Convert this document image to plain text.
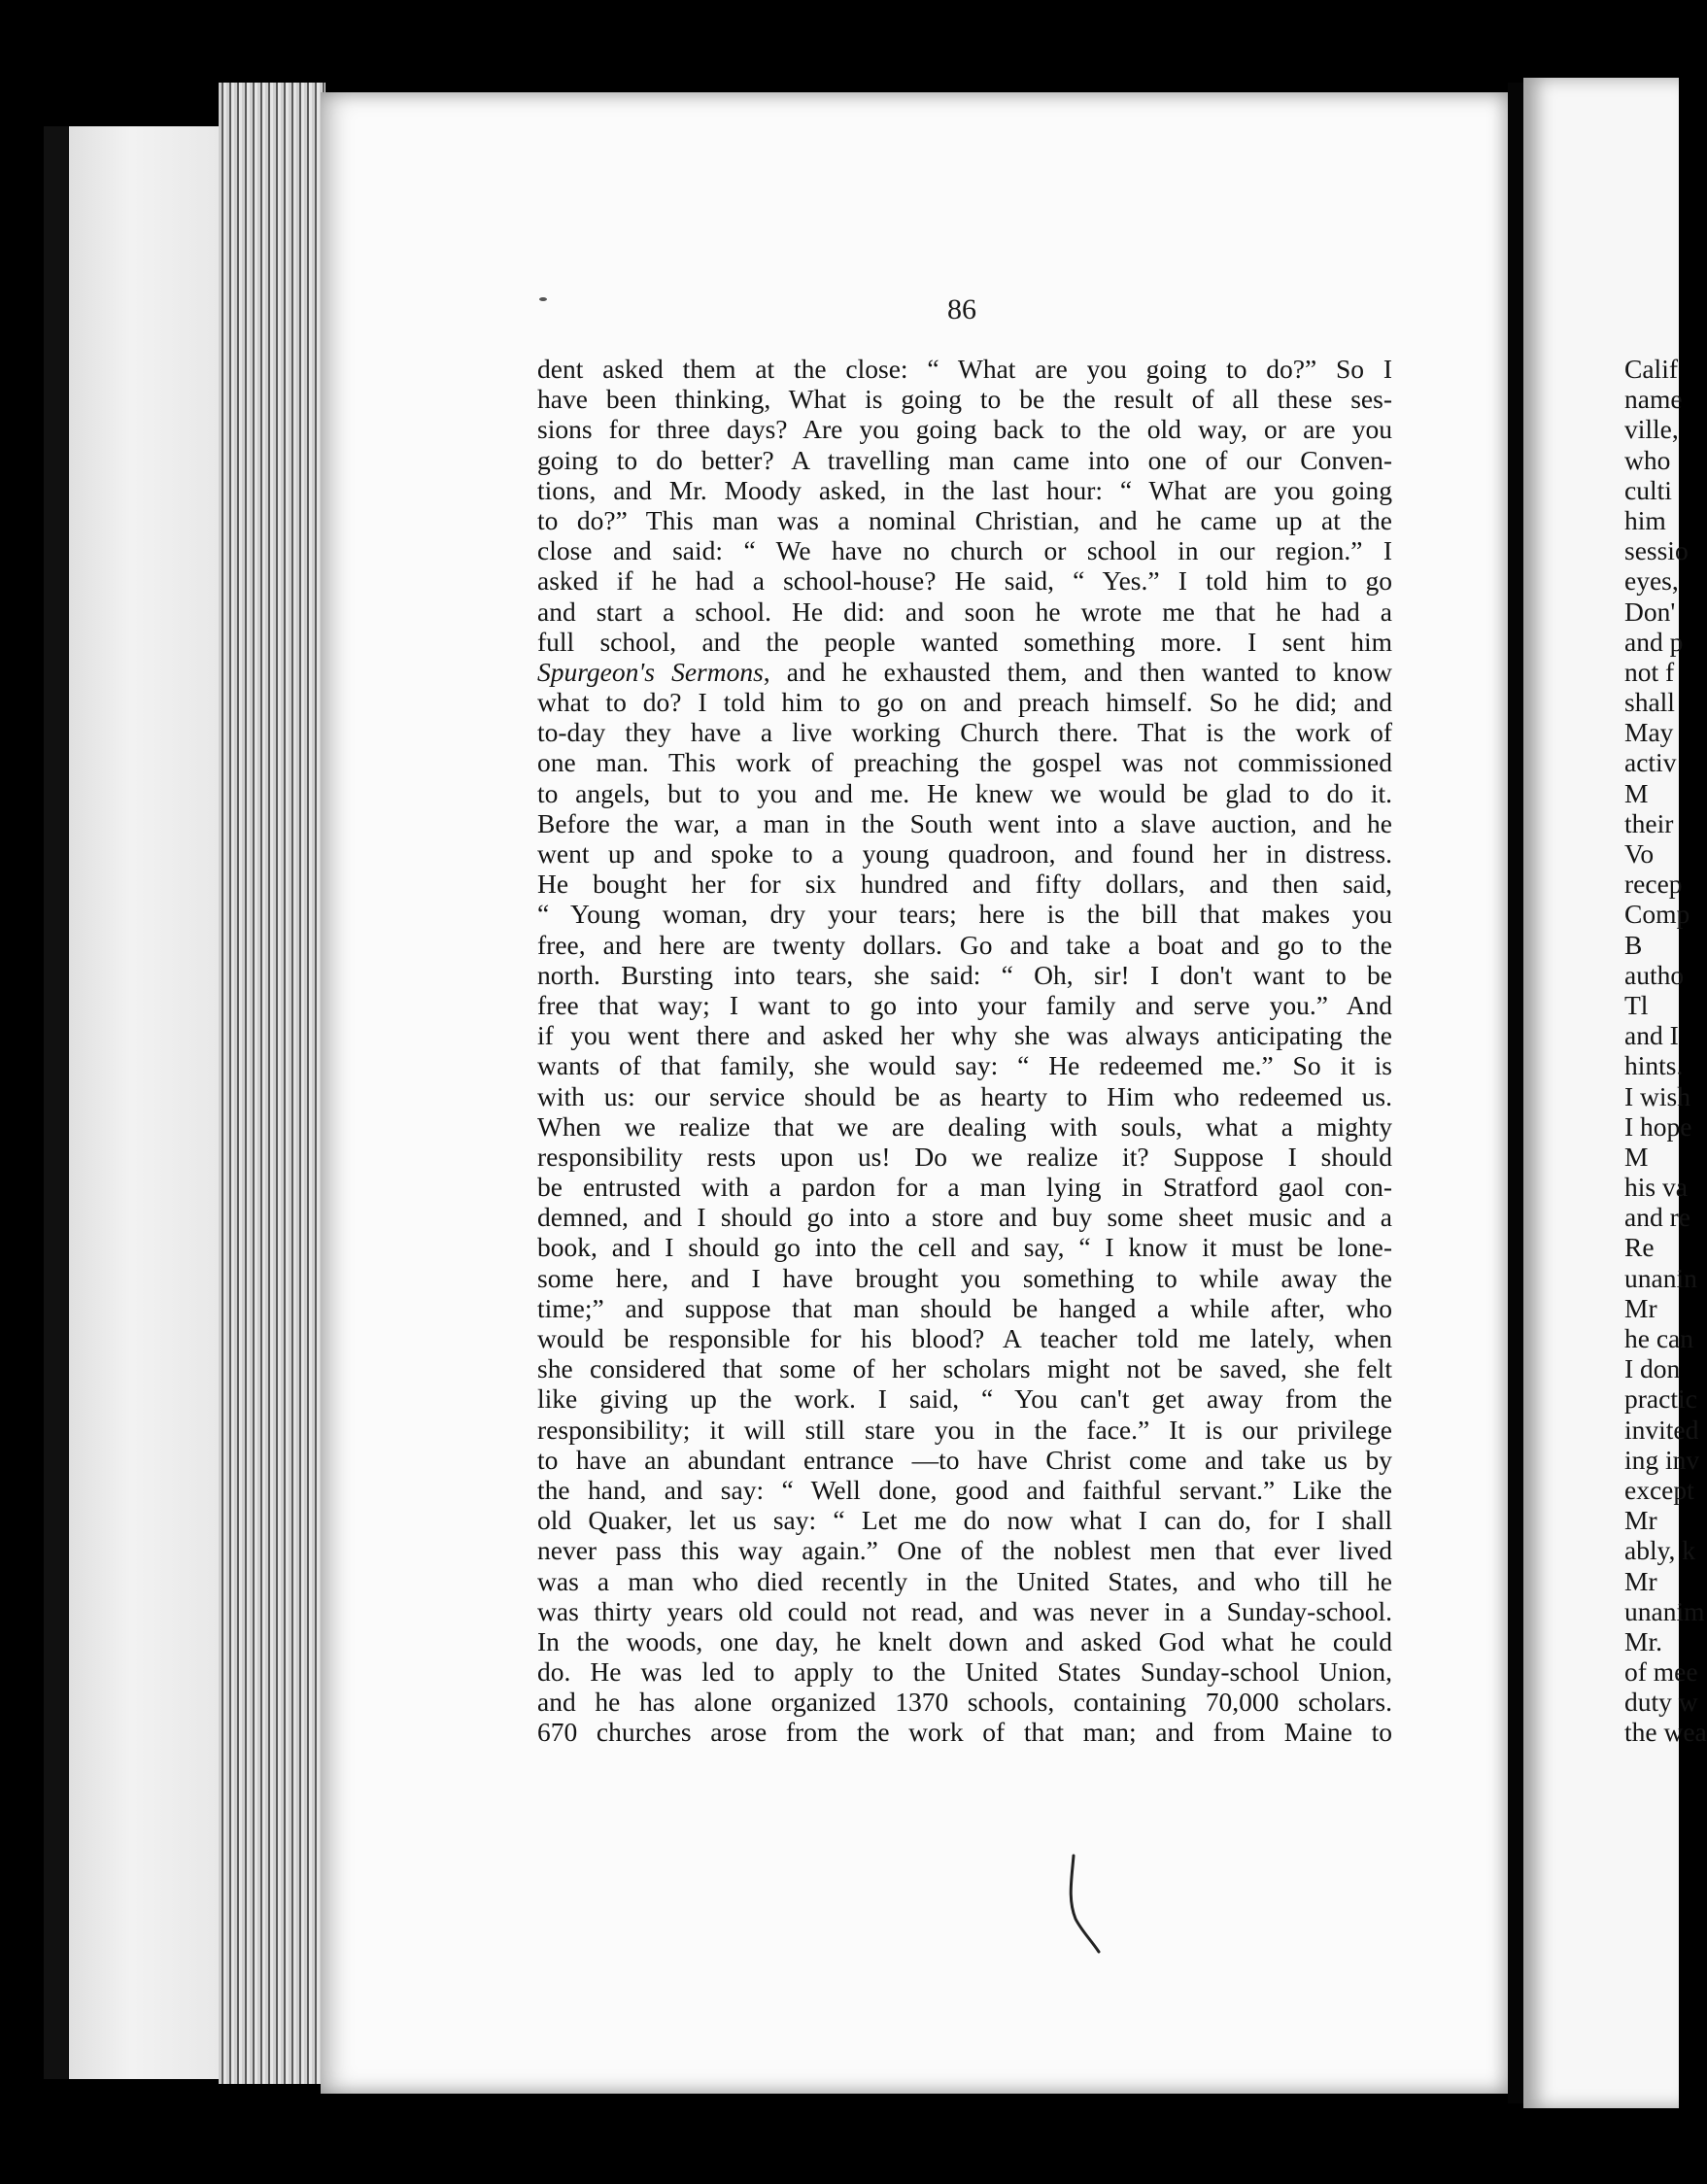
86
dent asked them at the close: “ What are you going to do?” So I
have been thinking, What is going to be the result of all these ses-
sions for three days? Are you going back to the old way, or are you
going to do better? A travelling man came into one of our Conven-
tions, and Mr. Moody asked, in the last hour: “ What are you going
to do?” This man was a nominal Christian, and he came up at the
close and said: “ We have no church or school in our region.” I
asked if he had a school-house? He said, “ Yes.” I told him to go
and start a school. He did: and soon he wrote me that he had a
full school, and the people wanted something more. I sent him
Spurgeon's Sermons, and he exhausted them, and then wanted to know
what to do? I told him to go on and preach himself. So he did; and
to-day they have a live working Church there. That is the work of
one man. This work of preaching the gospel was not commissioned
to angels, but to you and me. He knew we would be glad to do it.
Before the war, a man in the South went into a slave auction, and he
went up and spoke to a young quadroon, and found her in distress.
He bought her for six hundred and fifty dollars, and then said,
“ Young woman, dry your tears; here is the bill that makes you
free, and here are twenty dollars. Go and take a boat and go to the
north. Bursting into tears, she said: “ Oh, sir! I don't want to be
free that way; I want to go into your family and serve you.” And
if you went there and asked her why she was always anticipating the
wants of that family, she would say: “ He redeemed me.” So it is
with us: our service should be as hearty to Him who redeemed us.
When we realize that we are dealing with souls, what a mighty
responsibility rests upon us! Do we realize it? Suppose I should
be entrusted with a pardon for a man lying in Stratford gaol con-
demned, and I should go into a store and buy some sheet music and a
book, and I should go into the cell and say, “ I know it must be lone-
some here, and I have brought you something to while away the
time;” and suppose that man should be hanged a while after, who
would be responsible for his blood? A teacher told me lately, when
she considered that some of her scholars might not be saved, she felt
like giving up the work. I said, “ You can't get away from the
responsibility; it will still stare you in the face.” It is our privilege
to have an abundant entrance —to have Christ come and take us by
the hand, and say: “ Well done, good and faithful servant.” Like the
old Quaker, let us say: “ Let me do now what I can do, for I shall
never pass this way again.” One of the noblest men that ever lived
was a man who died recently in the United States, and who till he
was thirty years old could not read, and was never in a Sunday-school.
In the woods, one day, he knelt down and asked God what he could
do. He was led to apply to the United States Sunday-school Union,
and he has alone organized 1370 schools, containing 70,000 scholars.
670 churches arose from the work of that man; and from Maine to
Calif
name
ville,
who
culti
him
sessio
eyes,
Don'
and p
not f
shall
May
activ
M
their
Vo
recep
Comp
B
autho
Tl
and I
hints.
I wish
I hope
M
his va
and re
Re
unanin
Mr
he can
I don
practic
invited
ing inv
except
Mr
ably, k
Mr
unanim
Mr.
of mee
duty w
the wea
